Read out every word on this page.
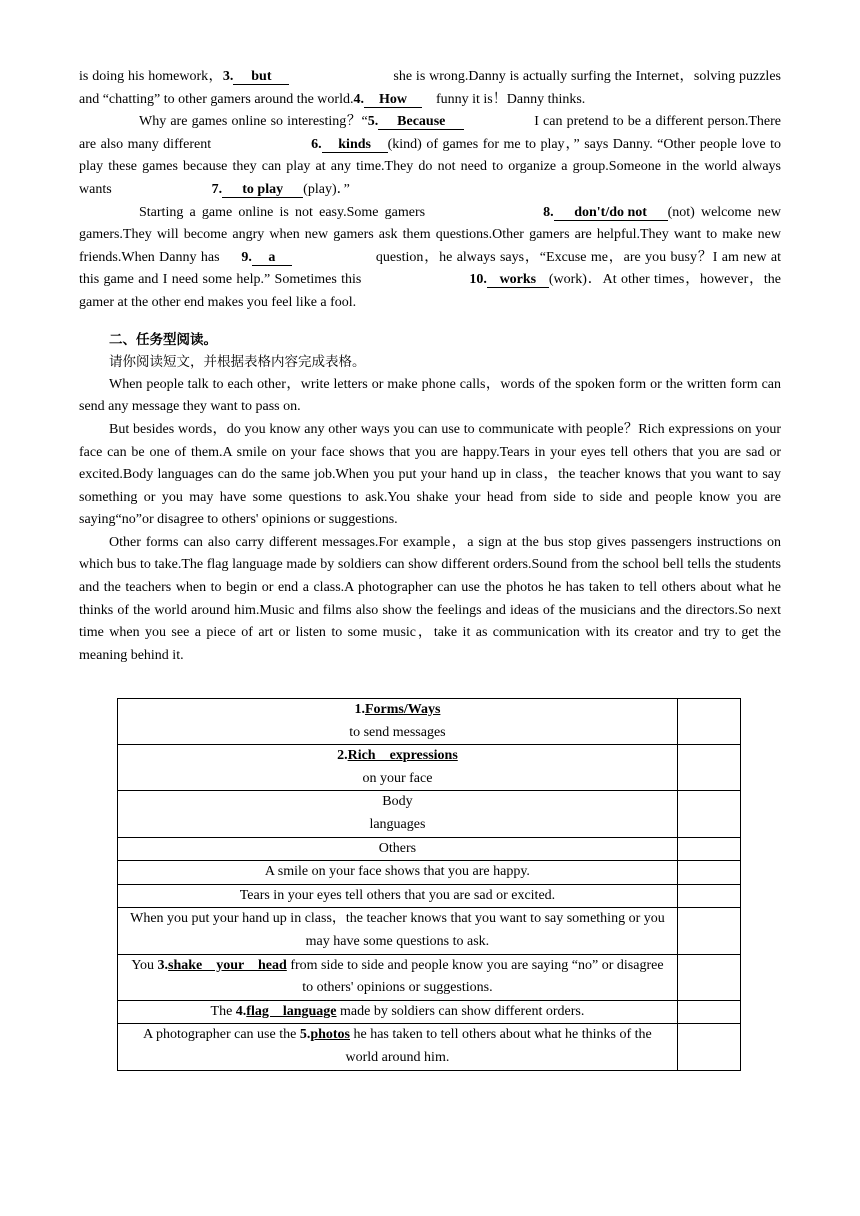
is doing his homework，3. but	she is wrong.Danny is actually surfing the Internet，solving puzzles and “chatting” to other gamers around the world.4. How funny it is！Danny thinks.

Why are games online so interesting？“5. Because	I can pretend to be a different person.There are also many different	6. kinds (kind) of games for me to play，” says Danny. “Other people love to play these games because they can play at any time.They do not need to organize a group.Someone in the world always wants	7. to play (play)．”

Starting a game online is not easy.Some gamers	8. don't/do not (not) welcome new gamers.They will become angry when new gamers ask them questions.Other gamers are helpful.They want to make new friends.When Danny has 9. a	question，he always says，“Excuse me，are you busy？I am new at this game and I need some help.” Sometimes this	10. works (work)．At other times，however，the gamer at the other end makes you feel like a fool.

二、任务型阅读。
请你阅读短文，并根据表格内容完成表格。

When people talk to each other，write letters or make phone calls，words of the spoken form or the written form can send any message they want to pass on.

But besides words，do you know any other ways you can use to communicate with people？Rich expressions on your face can be one of them.A smile on your face shows that you are happy.Tears in your eyes tell others that you are sad or excited.Body languages can do the same job.When you put your hand up in class，the teacher knows that you want to say something or you may have some questions to ask.You shake your head from side to side and people know you are saying“no”or disagree to others' opinions or suggestions.

Other forms can also carry different messages.For example，a sign at the bus stop gives passengers instructions on which bus to take.The flag language made by soldiers can show different orders.Sound from the school bell tells the students and the teachers when to begin or end a class.A photographer can use the photos he has taken to tell others about what he thinks of the world around him.Music and films also show the feelings and ideas of the musicians and the directors.So next time when you see a piece of art or listen to some music，take it as communication with its creator and try to get the meaning behind it.

1.Forms/Ways
to send messages	
2.Rich　expressions
on your face	
Body
languages	
Others	
A smile on your face shows that you are happy.	
Tears in your eyes tell others that you are sad or excited.	
When you put your hand up in class，the teacher knows that you want to say something or you may have some questions to ask.	
You 3.shake　your　head from side to side and people know you are saying “no” or disagree to others' opinions or suggestions.	
The 4.flag　language made by soldiers can show different orders.	
A photographer can use the 5.photos he has taken to tell others about what he thinks of the world around him.	
